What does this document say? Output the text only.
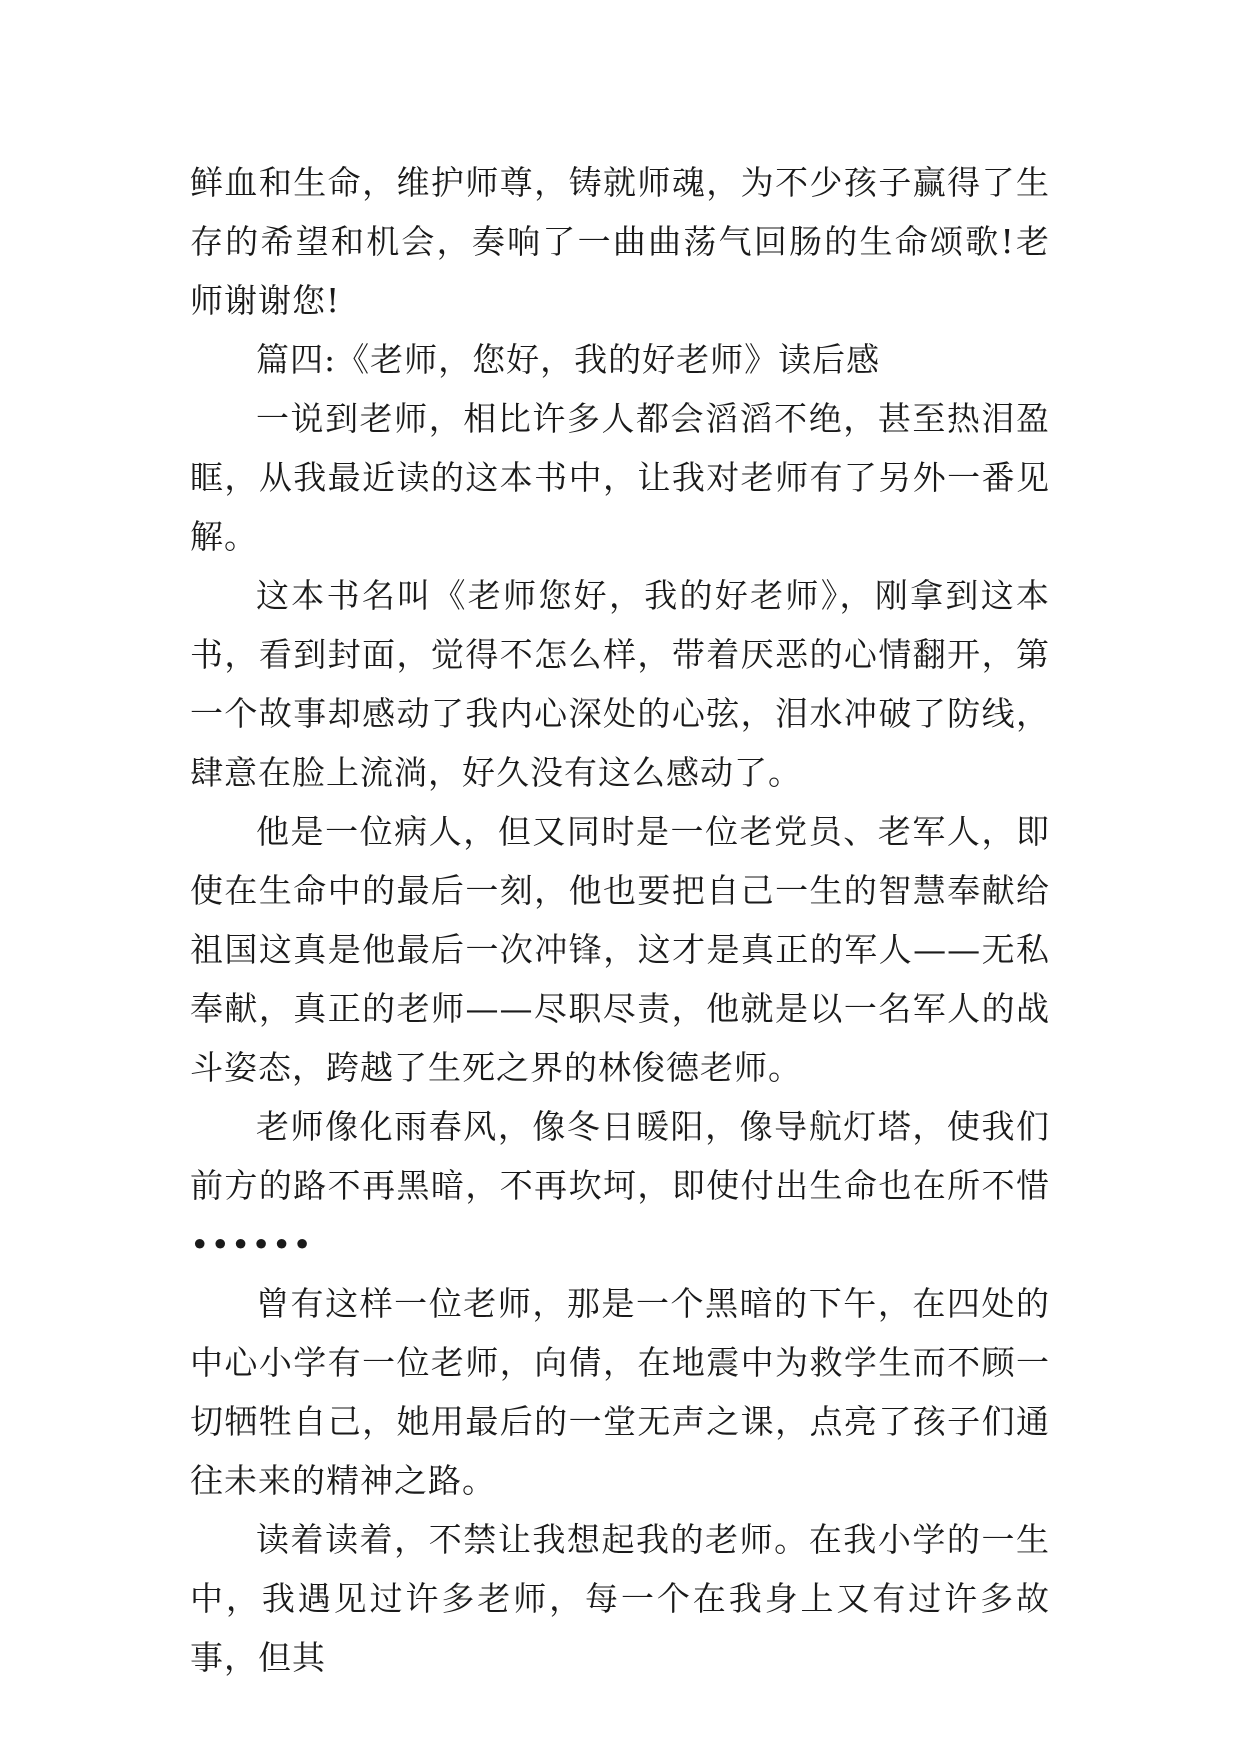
鲜血和生命，维护师尊，铸就师魂，为不少孩子赢得了生存的希望和机会，奏响了一曲曲荡气回肠的生命颂歌!老师谢谢您!

篇四:《老师，您好，我的好老师》读后感

一说到老师，相比许多人都会滔滔不绝，甚至热泪盈眶，从我最近读的这本书中，让我对老师有了另外一番见解。

这本书名叫《老师您好，我的好老师》，刚拿到这本书，看到封面，觉得不怎么样，带着厌恶的心情翻开，第一个故事却感动了我内心深处的心弦，泪水冲破了防线，肆意在脸上流淌，好久没有这么感动了。

他是一位病人，但又同时是一位老党员、老军人，即使在生命中的最后一刻，他也要把自己一生的智慧奉献给祖国这真是他最后一次冲锋，这才是真正的军人——无私奉献，真正的老师——尽职尽责，他就是以一名军人的战斗姿态，跨越了生死之界的林俊德老师。

老师像化雨春风，像冬日暖阳，像导航灯塔，使我们前方的路不再黑暗，不再坎坷，即使付出生命也在所不惜••••••

曾有这样一位老师，那是一个黑暗的下午，在四处的中心小学有一位老师，向倩，在地震中为救学生而不顾一切牺牲自己，她用最后的一堂无声之课，点亮了孩子们通往未来的精神之路。

读着读着，不禁让我想起我的老师。在我小学的一生中，我遇见过许多老师，每一个在我身上又有过许多故事，但其
